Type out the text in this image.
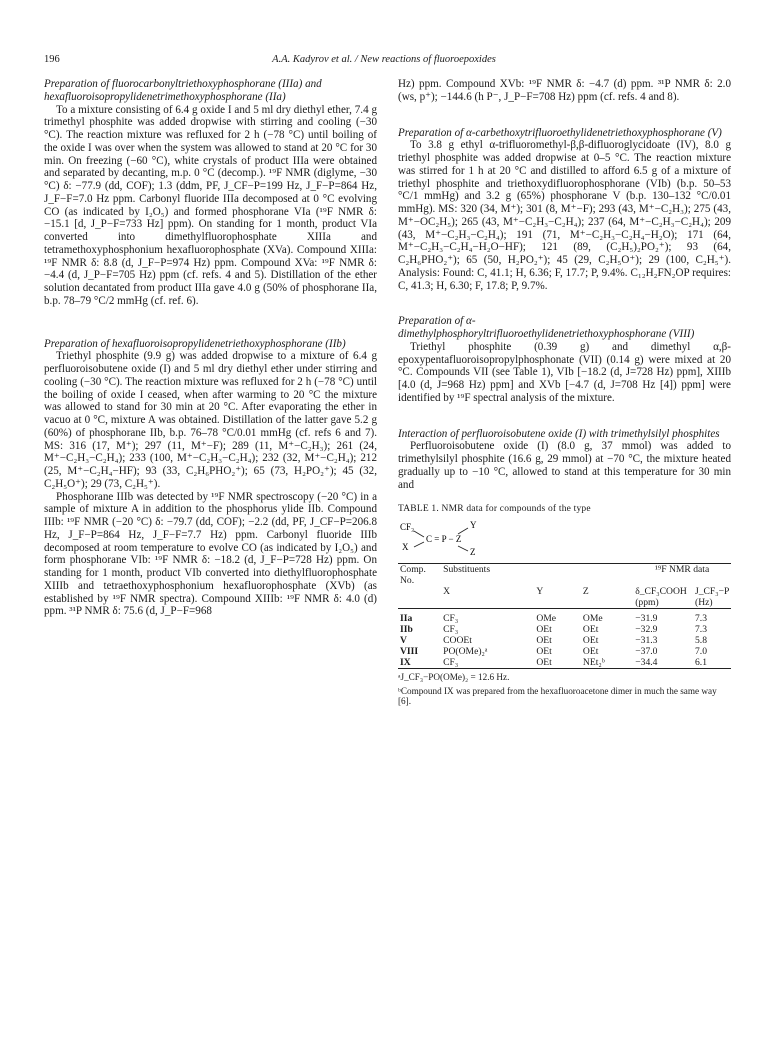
196	A.A. Kadyrov et al. / New reactions of fluoroepoxides

Preparation of fluorocarbonyltriethoxyphosphorane (IIIa) and hexafluoroisopropylidenetrimethoxyphosphorane (IIa)

To a mixture consisting of 6.4 g oxide I and 5 ml dry diethyl ether, 7.4 g trimethyl phosphite was added dropwise with stirring and cooling (−30 °C). The reaction mixture was refluxed for 2 h (−78 °C) until boiling of the oxide I was over when the system was allowed to stand at 20 °C for 30 min. On freezing (−60 °C), white crystals of product IIIa were obtained and separated by decanting, m.p. 0 °C (decomp.). ¹⁹F NMR (diglyme, −30 °C) δ: −77.9 (dd, COF); 1.3 (ddm, PF, J_CF−P=199 Hz, J_F−P=864 Hz, J_F−F=7.0 Hz ppm. Carbonyl fluoride IIIa decomposed at 0 °C evolving CO (as indicated by I₂O₅) and formed phosphorane VIa (¹⁹F NMR δ: −15.1 [d, J_P−F=733 Hz] ppm). On standing for 1 month, product VIa converted into dimethylfluorophosphate XIIIa and tetramethoxyphosphonium hexafluorophosphate (XVa). Compound XIIIa: ¹⁹F NMR δ: 8.8 (d, J_F−P=974 Hz) ppm. Compound XVa: ¹⁹F NMR δ: −4.4 (d, J_P−F=705 Hz) ppm (cf. refs. 4 and 5). Distillation of the ether solution decantated from product IIIa gave 4.0 g (50% of phosphorane IIa, b.p. 78–79 °C/2 mmHg (cf. ref. 6).

Preparation of hexafluoroisopropylidenetriethoxyphosphorane (IIb)

Triethyl phosphite (9.9 g) was added dropwise to a mixture of 6.4 g perfluoroisobutene oxide (I) and 5 ml dry diethyl ether under stirring and cooling (−30 °C). The reaction mixture was refluxed for 2 h (−78 °C) until the boiling of oxide I ceased, when after warming to 20 °C the mixture was allowed to stand for 30 min at 20 °C. After evaporating the ether in vacuo at 0 °C, mixture A was obtained. Distillation of the latter gave 5.2 g (60%) of phosphorane IIb, b.p. 76–78 °C/0.01 mmHg (cf. refs 6 and 7). MS: 316 (17, M⁺); 297 (11, M⁺−F); 289 (11, M⁺−C₂H₃); 261 (24, M⁺−C₂H₃−C₂H₄); 233 (100, M⁺−C₂H₃−C₂H₄); 232 (32, M⁺−C₂H₄); 212 (25, M⁺−C₂H₄−HF); 93 (33, C₂H₆PHO₂⁺); 65 (73, H₂PO₂⁺); 45 (32, C₂H₅O⁺); 29 (73, C₂H₅⁺).

Phosphorane IIIb was detected by ¹⁹F NMR spectroscopy (−20 °C) in a sample of mixture A in addition to the phosphorus ylide IIb. Compound IIIb: ¹⁹F NMR (−20 °C) δ: −79.7 (dd, COF); −2.2 (dd, PF, J_CF−P=206.8 Hz, J_F−P=864 Hz, J_F−F=7.7 Hz) ppm. Carbonyl fluoride IIIb decomposed at room temperature to evolve CO (as indicated by I₂O₅) and form phosphorane VIb: ¹⁹F NMR δ: −18.2 (d, J_F−P=728 Hz) ppm. On standing for 1 month, product VIb converted into diethylfluorophosphate XIIIb and tetraethoxyphosphonium hexafluorophosphate (XVb) (as established by ¹⁹F NMR spectra). Compound XIIIb: ¹⁹F NMR δ: 4.0 (d) ppm. ³¹P NMR δ: 75.6 (d, J_P−F=968

Hz) ppm. Compound XVb: ¹⁹F NMR δ: −4.7 (d) ppm. ³¹P NMR δ: 2.0 (ws, p⁺); −144.6 (h P⁻, J_P−F=708 Hz) ppm (cf. refs. 4 and 8).

Preparation of α-carbethoxytrifluoroethylidenetriethoxyphosphorane (V)

To 3.8 g ethyl α-trifluoromethyl-β,β-difluoroglycidoate (IV), 8.0 g triethyl phosphite was added dropwise at 0–5 °C. The reaction mixture was stirred for 1 h at 20 °C and distilled to afford 6.5 g of a mixture of triethyl phosphite and triethoxydifluorophosphorane (VIb) (b.p. 50–53 °C/1 mmHg) and 3.2 g (65%) phosphorane V (b.p. 130–132 °C/0.01 mmHg). MS: 320 (34, M⁺); 301 (8, M⁺−F); 293 (43, M⁺−C₂H₃); 275 (43, M⁺−OC₂H₅); 265 (43, M⁺−C₂H₃−C₂H₄); 237 (64, M⁺−C₂H₃−C₂H₄); 209 (43, M⁺−C₂H₃−C₂H₄); 191 (71, M⁺−C₂H₃−C₂H₄−H₂O); 171 (64, M⁺−C₂H₃−C₂H₄−H₂O−HF); 121 (89, (C₂H₅)₂PO₂⁺); 93 (64, C₂H₆PHO₂⁺); 65 (50, H₂PO₂⁺); 45 (29, C₂H₅O⁺); 29 (100, C₂H₅⁺). Analysis: Found: C, 41.1; H, 6.36; F, 17.7; P, 9.4%. C₁₂H₂FN₂OP requires: C, 41.3; H, 6.30; F, 17.8; P, 9.7%.

Preparation of α-dimethylphosphoryltrifluoroethylidenetriethoxyphosphorane (VIII)

Triethyl phosphite (0.39 g) and dimethyl α,β-epoxypentafluoroisopropylphosphonate (VII) (0.14 g) were mixed at 20 °C. Compounds VII (see Table 1), VIb [−18.2 (d, J=728 Hz) ppm], XIIIb [4.0 (d, J=968 Hz) ppm] and XVb [−4.7 (d, J=708 Hz [4]) ppm] were identified by ¹⁹F spectral analysis of the mixture.

Interaction of perfluoroisobutene oxide (I) with trimethylsilyl phosphites

Perfluoroisobutene oxide (I) (8.0 g, 37 mmol) was added to trimethylsilyl phosphite (16.6 g, 29 mmol) at −70 °C, the mixture heated gradually up to −10 °C, allowed to stand at this temperature for 30 min and

TABLE 1. NMR data for compounds of the type
CF₃
X
C = P − Z
Y
Z
Comp. No.	Substituents			¹⁹F NMR data	
	X	Y	Z	δ_CF₃COOH (ppm)	J_CF₃−P (Hz)

IIa	CF₃	OMe	OMe	−31.9	7.3
IIb	CF₃	OEt	OEt	−32.9	7.3
V	COOEt	OEt	OEt	−31.3	5.8
VIII	PO(OMe)₂ᵃ	OEt	OEt	−37.0	7.0
IX	CF₃	OEt	NEt₂ᵇ	−34.4	6.1
ᵃJ_CF₃−PO(OMe)₂ = 12.6 Hz.
ᵇCompound IX was prepared from the hexafluoroacetone dimer in much the same way [6].
